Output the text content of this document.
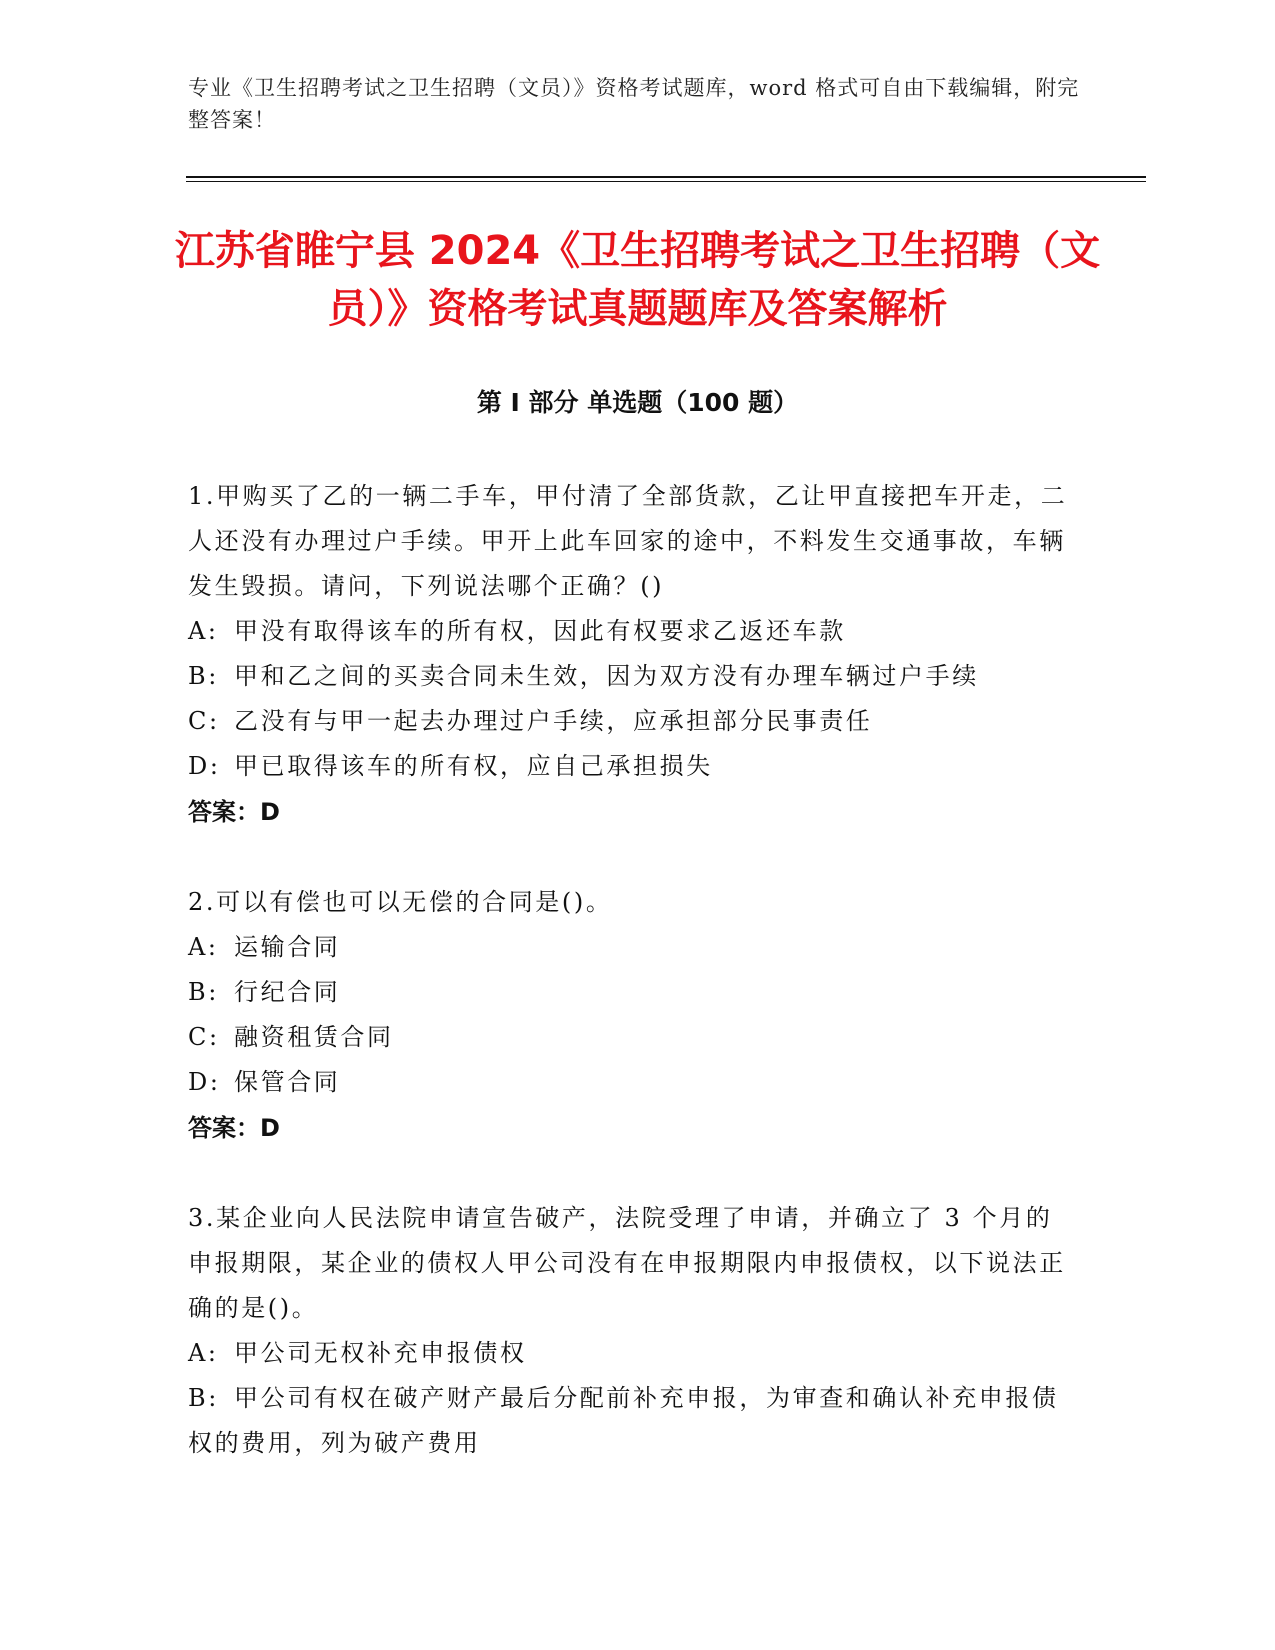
专业《卫生招聘考试之卫生招聘（文员）》资格考试题库，word 格式可自由下载编辑，附完整答案！
江苏省睢宁县 2024《卫生招聘考试之卫生招聘（文员）》资格考试真题题库及答案解析
第 I 部分 单选题（100 题）
1.甲购买了乙的一辆二手车，甲付清了全部货款，乙让甲直接把车开走，二人还没有办理过户手续。甲开上此车回家的途中，不料发生交通事故，车辆发生毁损。请问，下列说法哪个正确？()
A: 甲没有取得该车的所有权，因此有权要求乙返还车款
B: 甲和乙之间的买卖合同未生效，因为双方没有办理车辆过户手续
C: 乙没有与甲一起去办理过户手续，应承担部分民事责任
D: 甲已取得该车的所有权，应自己承担损失
答案：D
2.可以有偿也可以无偿的合同是()。
A: 运输合同
B: 行纪合同
C: 融资租赁合同
D: 保管合同
答案：D
3.某企业向人民法院申请宣告破产，法院受理了申请，并确立了 3 个月的申报期限，某企业的债权人甲公司没有在申报期限内申报债权，以下说法正确的是()。
A: 甲公司无权补充申报债权
B: 甲公司有权在破产财产最后分配前补充申报，为审查和确认补充申报债权的费用，列为破产费用
